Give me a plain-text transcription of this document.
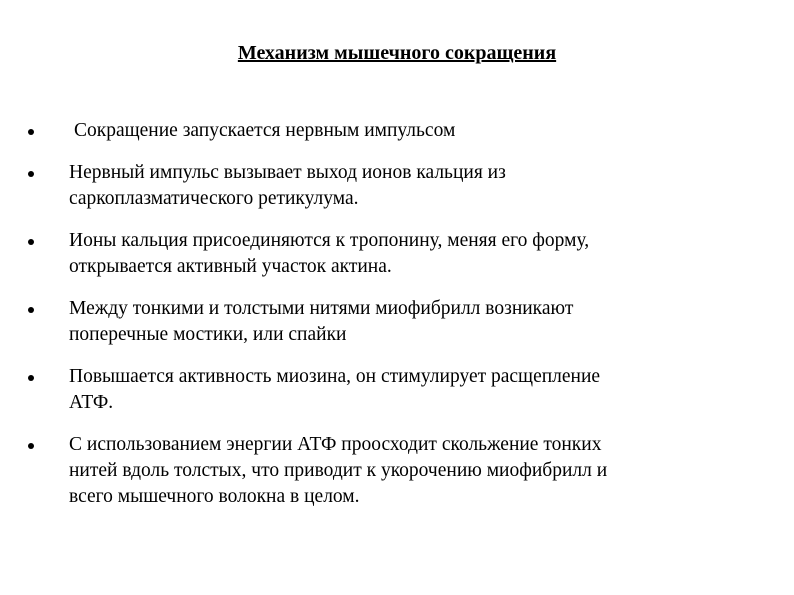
Механизм мышечного сокращения
Сокращение запускается нервным импульсом
Нервный импульс вызывает выход ионов кальция из
саркоплазматического ретикулума.
Ионы кальция присоединяются к тропонину, меняя его форму,
открывается активный участок актина.
Между тонкими и толстыми нитями миофибрилл возникают
поперечные мостики, или спайки
Повышается активность миозина, он стимулирует расщепление
АТФ.
С использованием энергии АТФ проосходит скольжение тонких
нитей вдоль толстых, что приводит к укорочению миофибрилл и
всего мышечного волокна в целом.
